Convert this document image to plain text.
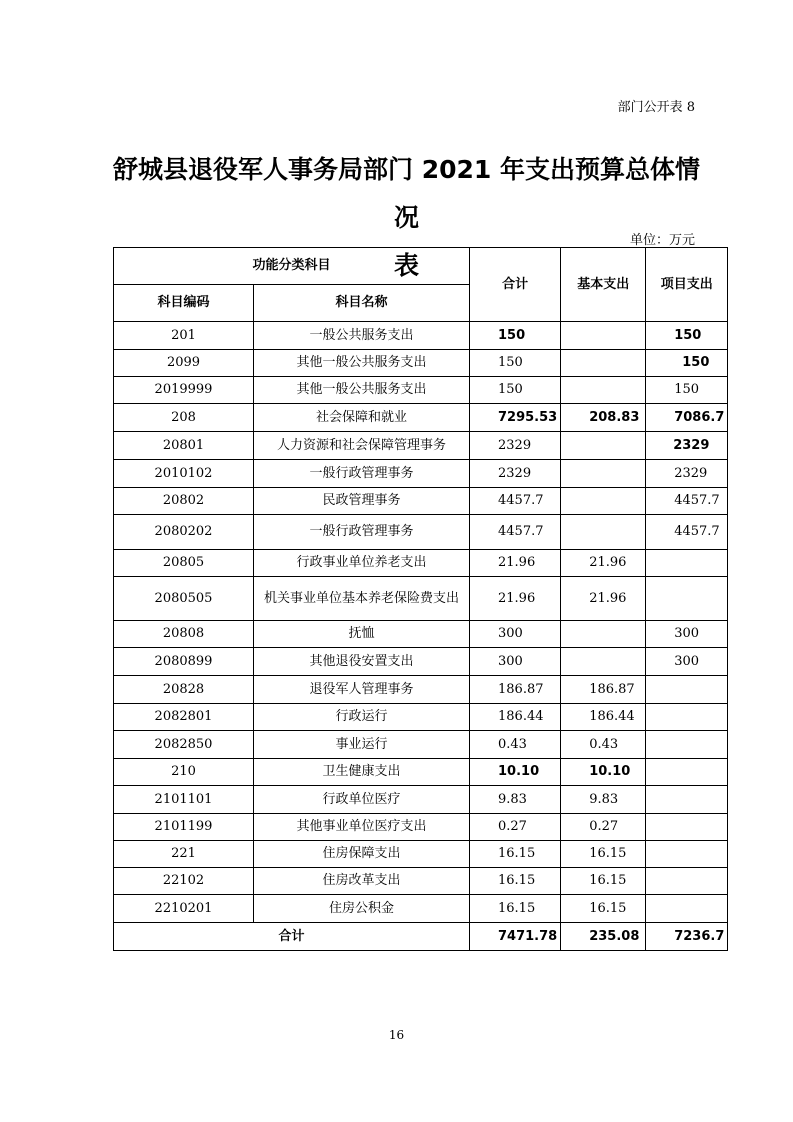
部门公开表 8
舒城县退役军人事务局部门 2021 年支出预算总体情况
表
单位：万元
功能分类科目		合计	基本支出	项目支出
科目编码	科目名称			
201	一般公共服务支出	150		150
2099	其他一般公共服务支出	150		150
2019999	其他一般公共服务支出	150		150
208	社会保障和就业	7295.53	208.83	7086.7
20801	人力资源和社会保障管理事务	2329		2329
2010102	一般行政管理事务	2329		2329
20802	民政管理事务	4457.7		4457.7
2080202	一般行政管理事务	4457.7		4457.7
20805	行政事业单位养老支出	21.96	21.96	
2080505	机关事业单位基本养老保险费支出	21.96	21.96	
20808	抚恤	300		300
2080899	其他退役安置支出	300		300
20828	退役军人管理事务	186.87	186.87	
2082801	行政运行	186.44	186.44	
2082850	事业运行	0.43	0.43	
210	卫生健康支出	10.10	10.10	
2101101	行政单位医疗	9.83	9.83	
2101199	其他事业单位医疗支出	0.27	0.27	
221	住房保障支出	16.15	16.15	
22102	住房改革支出	16.15	16.15	
2210201	住房公积金	16.15	16.15	
合计		7471.78	235.08	7236.7
16
